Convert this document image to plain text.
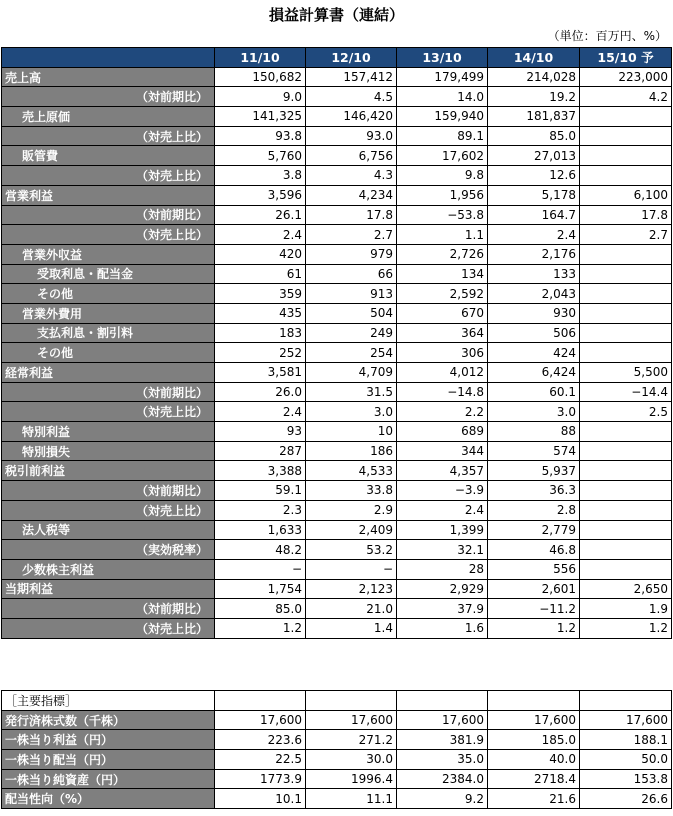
損益計算書（連結）
（単位：百万円、%）
	11/10	12/10	13/10	14/10	15/10 予
売上高	150,682	157,412	179,499	214,028	223,000
（対前期比）	9.0	4.5	14.0	19.2	4.2
売上原価	141,325	146,420	159,940	181,837	
（対売上比）	93.8	93.0	89.1	85.0	
販管費	5,760	6,756	17,602	27,013	
（対売上比）	3.8	4.3	9.8	12.6	
営業利益	3,596	4,234	1,956	5,178	6,100
（対前期比）	26.1	17.8	−53.8	164.7	17.8
（対売上比）	2.4	2.7	1.1	2.4	2.7
営業外収益	420	979	2,726	2,176	
受取利息・配当金	61	66	134	133	
その他	359	913	2,592	2,043	
営業外費用	435	504	670	930	
支払利息・割引料	183	249	364	506	
その他	252	254	306	424	
経常利益	3,581	4,709	4,012	6,424	5,500
（対前期比）	26.0	31.5	−14.8	60.1	−14.4
（対売上比）	2.4	3.0	2.2	3.0	2.5
特別利益	93	10	689	88	
特別損失	287	186	344	574	
税引前利益	3,388	4,533	4,357	5,937	
（対前期比）	59.1	33.8	−3.9	36.3	
（対売上比）	2.3	2.9	2.4	2.8	
法人税等	1,633	2,409	1,399	2,779	
（実効税率）	48.2	53.2	32.1	46.8	
少数株主利益	−	−	28	556	
当期利益	1,754	2,123	2,929	2,601	2,650
（対前期比）	85.0	21.0	37.9	−11.2	1.9
（対売上比）	1.2	1.4	1.6	1.2	1.2
［主要指標］					
発行済株式数（千株）	17,600	17,600	17,600	17,600	17,600
一株当り利益（円）	223.6	271.2	381.9	185.0	188.1
一株当り配当（円）	22.5	30.0	35.0	40.0	50.0
一株当り純資産（円）	1773.9	1996.4	2384.0	2718.4	153.8
配当性向（%）	10.1	11.1	9.2	21.6	26.6
